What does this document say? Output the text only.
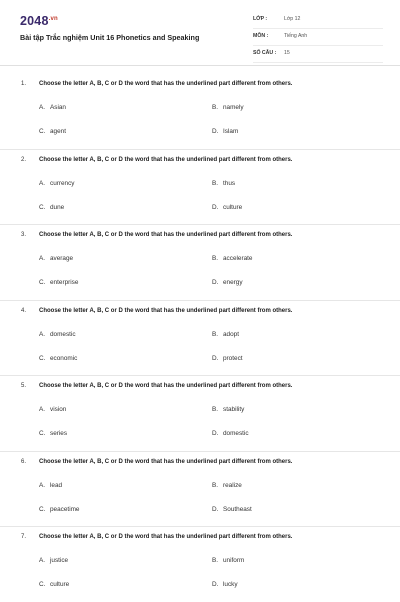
$2048^{.vn}$
Bài tập Trắc nghiệm Unit 16 Phonetics and Speaking
LỚP :	Lớp 12
MÔN :	Tiếng Anh
SỐ CÂU : 15
1. Choose the letter A, B, C or D the word that has the underlined part different from others.
A. Asian	B. namely
C. agent	D. Islam
2. Choose the letter A, B, C or D the word that has the underlined part different from others.
A. currency	B. thus
C. dune	D. culture
3. Choose the letter A, B, C or D the word that has the underlined part different from others.
A. average	B. accelerate
C. enterprise	D. energy
4. Choose the letter A, B, C or D the word that has the underlined part different from others.
A. domestic	B. adopt
C. economic	D. protect
5. Choose the letter A, B, C or D the word that has the underlined part different from others.
A. vision	B. stability
C. series	D. domestic
6. Choose the letter A, B, C or D the word that has the underlined part different from others.
A. lead	B. realize
C. peacetime	D. Southeast
7. Choose the letter A, B, C or D the word that has the underlined part different from others.
A. justice	B. uniform
C. culture	D. lucky
